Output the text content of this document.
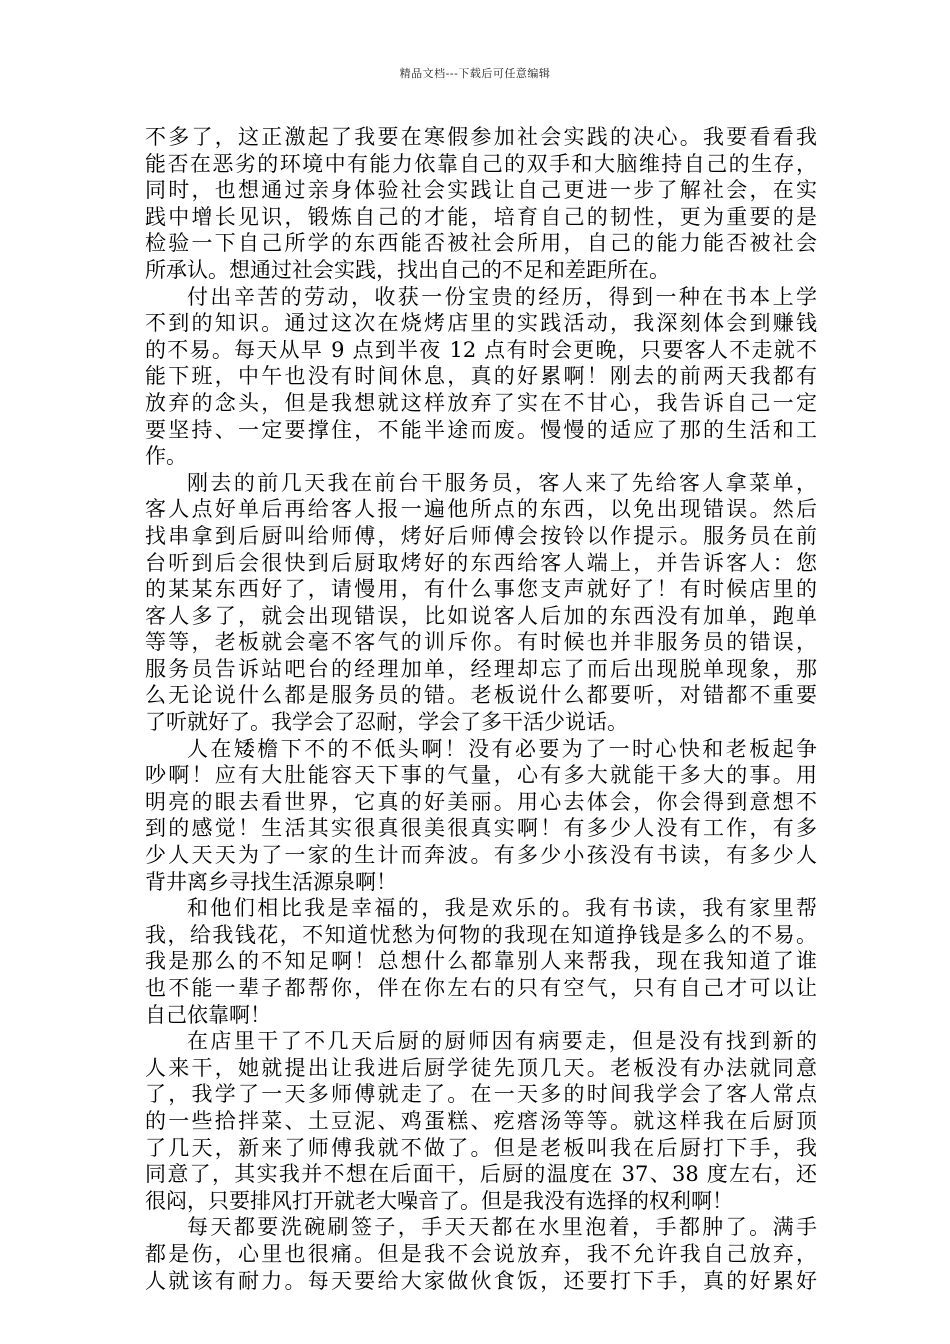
精品文档---下载后可任意编辑
不多了，这正激起了我要在寒假参加社会实践的决心。我要看看我
能否在恶劣的环境中有能力依靠自己的双手和大脑维持自己的生存，
同时，也想通过亲身体验社会实践让自己更进一步了解社会，在实
践中增长见识，锻炼自己的才能，培育自己的韧性，更为重要的是
检验一下自己所学的东西能否被社会所用，自己的能力能否被社会
所承认。想通过社会实践，找出自己的不足和差距所在。
付出辛苦的劳动，收获一份宝贵的经历，得到一种在书本上学
不到的知识。通过这次在烧烤店里的实践活动，我深刻体会到赚钱
的不易。每天从早 9 点到半夜 12 点有时会更晚，只要客人不走就不
能下班，中午也没有时间休息，真的好累啊！刚去的前两天我都有
放弃的念头，但是我想就这样放弃了实在不甘心，我告诉自己一定
要坚持、一定要撑住，不能半途而废。慢慢的适应了那的生活和工
作。
刚去的前几天我在前台干服务员，客人来了先给客人拿菜单，
客人点好单后再给客人报一遍他所点的东西，以免出现错误。然后
找串拿到后厨叫给师傅，烤好后师傅会按铃以作提示。服务员在前
台听到后会很快到后厨取烤好的东西给客人端上，并告诉客人：您
的某某东西好了，请慢用，有什么事您支声就好了！有时候店里的
客人多了，就会出现错误，比如说客人后加的东西没有加单，跑单
等等，老板就会毫不客气的训斥你。有时候也并非服务员的错误，
服务员告诉站吧台的经理加单，经理却忘了而后出现脱单现象，那
么无论说什么都是服务员的错。老板说什么都要听，对错都不重要
了听就好了。我学会了忍耐，学会了多干活少说话。
人在矮檐下不的不低头啊！没有必要为了一时心快和老板起争
吵啊！应有大肚能容天下事的气量，心有多大就能干多大的事。用
明亮的眼去看世界，它真的好美丽。用心去体会，你会得到意想不
到的感觉！生活其实很真很美很真实啊！有多少人没有工作，有多
少人天天为了一家的生计而奔波。有多少小孩没有书读，有多少人
背井离乡寻找生活源泉啊！
和他们相比我是幸福的，我是欢乐的。我有书读，我有家里帮
我，给我钱花，不知道忧愁为何物的我现在知道挣钱是多么的不易。
我是那么的不知足啊！总想什么都靠别人来帮我，现在我知道了谁
也不能一辈子都帮你，伴在你左右的只有空气，只有自己才可以让
自己依靠啊！
在店里干了不几天后厨的厨师因有病要走，但是没有找到新的
人来干，她就提出让我进后厨学徒先顶几天。老板没有办法就同意
了，我学了一天多师傅就走了。在一天多的时间我学会了客人常点
的一些拾拌菜、土豆泥、鸡蛋糕、疙瘩汤等等。就这样我在后厨顶
了几天，新来了师傅我就不做了。但是老板叫我在后厨打下手，我
同意了，其实我并不想在后面干，后厨的温度在 37、38 度左右，还
很闷，只要排风打开就老大噪音了。但是我没有选择的权利啊！
每天都要洗碗刷签子，手天天都在水里泡着，手都肿了。满手
都是伤，心里也很痛。但是我不会说放弃，我不允许我自己放弃，
人就该有耐力。每天要给大家做伙食饭，还要打下手，真的好累好
